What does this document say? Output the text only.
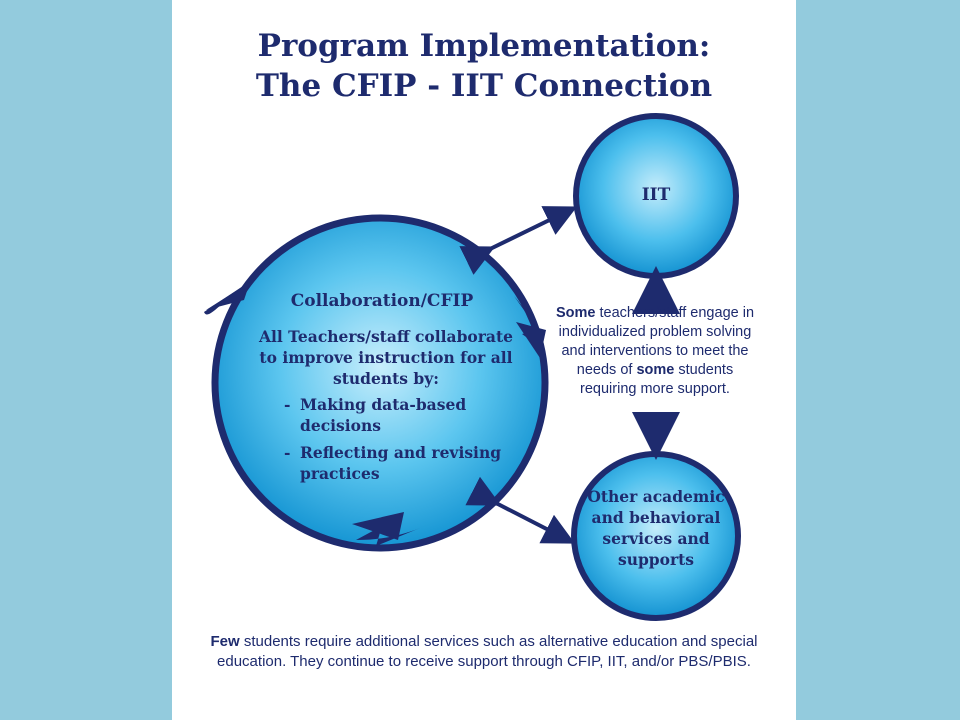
Program Implementation:
The CFIP - IIT Connection

Collaboration/CFIP

All Teachers/staff collaborate to improve instruction for all students by:

- Making data-based
decisions
- Reflecting and revising
practices

IIT

Other academic and behavioral services and supports

Some teachers/staff engage in individualized problem solving and interventions to meet the needs of some students requiring more support.
Few students require additional services such as alternative education and special education. They continue to receive support through CFIP, IIT, and/or PBS/PBIS.
